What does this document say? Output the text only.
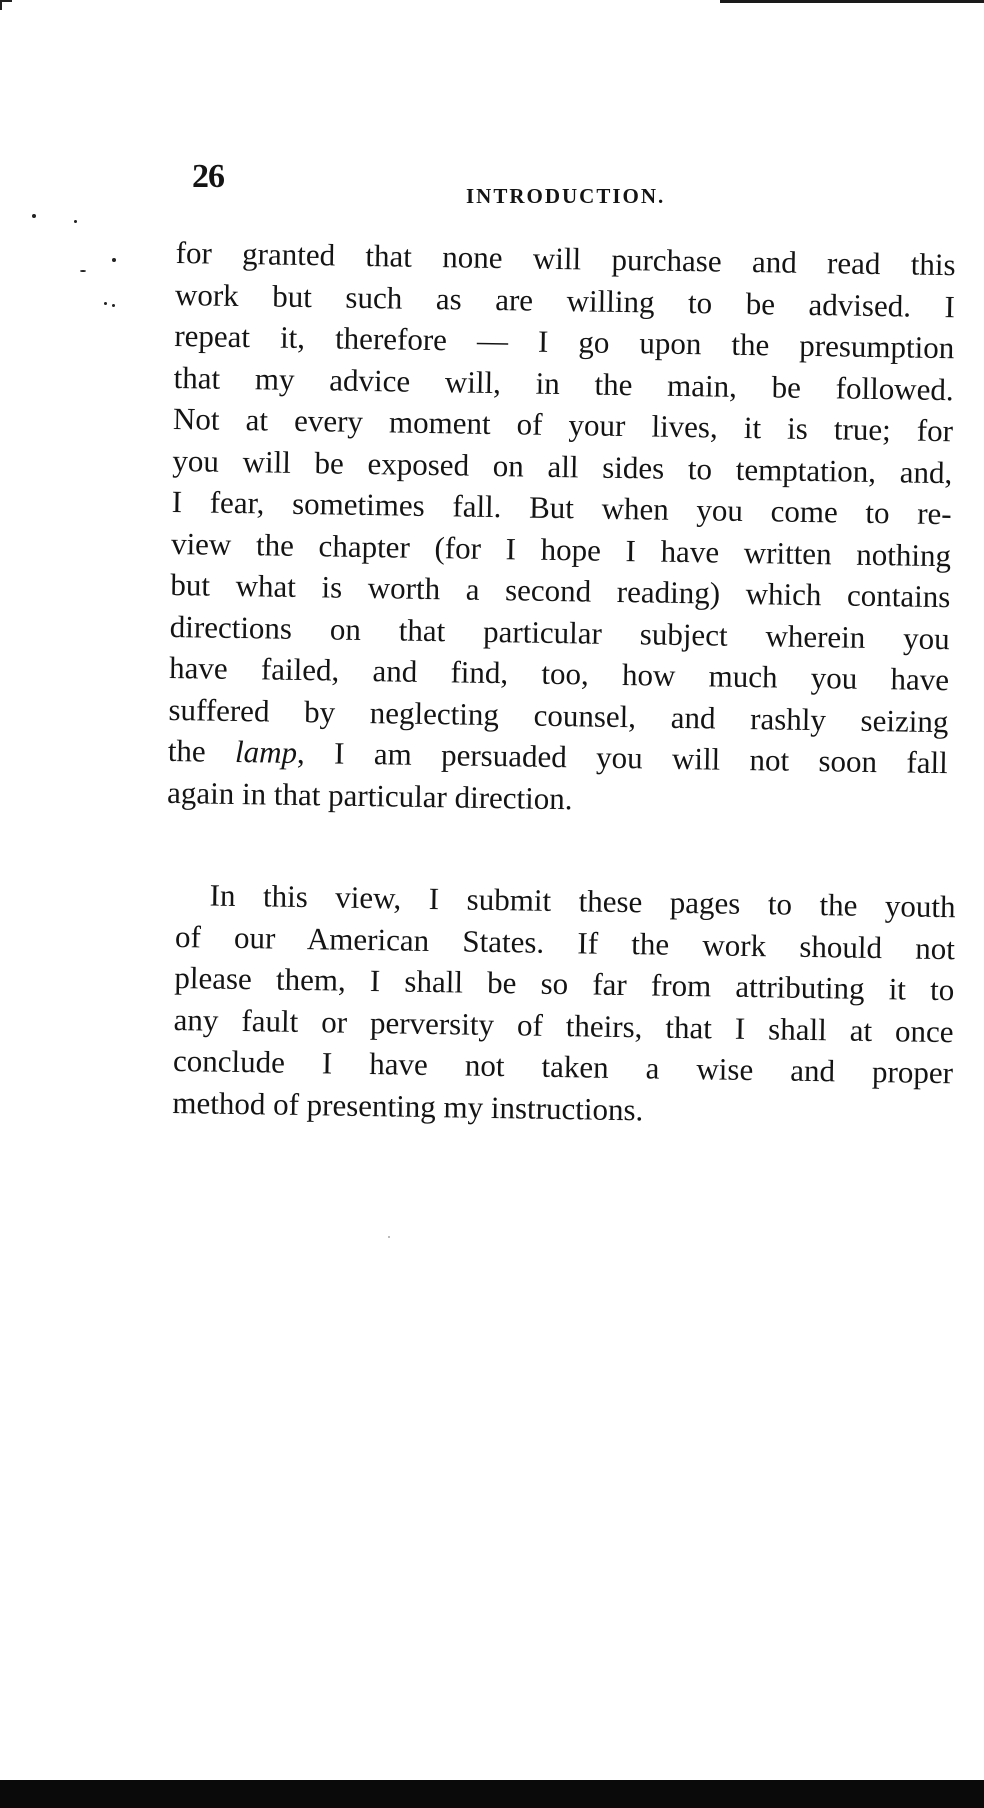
26
INTRODUCTION.
for granted that none will purchase and read this
work but such as are willing to be advised. I
repeat it, therefore — I go upon the presumption
that my advice will, in the main, be followed.
Not at every moment of your lives, it is true; for
you will be exposed on all sides to temptation, and,
I fear, sometimes fall. But when you come to re-
view the chapter (for I hope I have written nothing
but what is worth a second reading) which contains
directions on that particular subject wherein you
have failed, and find, too, how much you have
suffered by neglecting counsel, and rashly seizing
the lamp, I am persuaded you will not soon fall
again in that particular direction.
In this view, I submit these pages to the youth
of our American States. If the work should not
please them, I shall be so far from attributing it to
any fault or perversity of theirs, that I shall at once
conclude I have not taken a wise and proper
method of presenting my instructions.
